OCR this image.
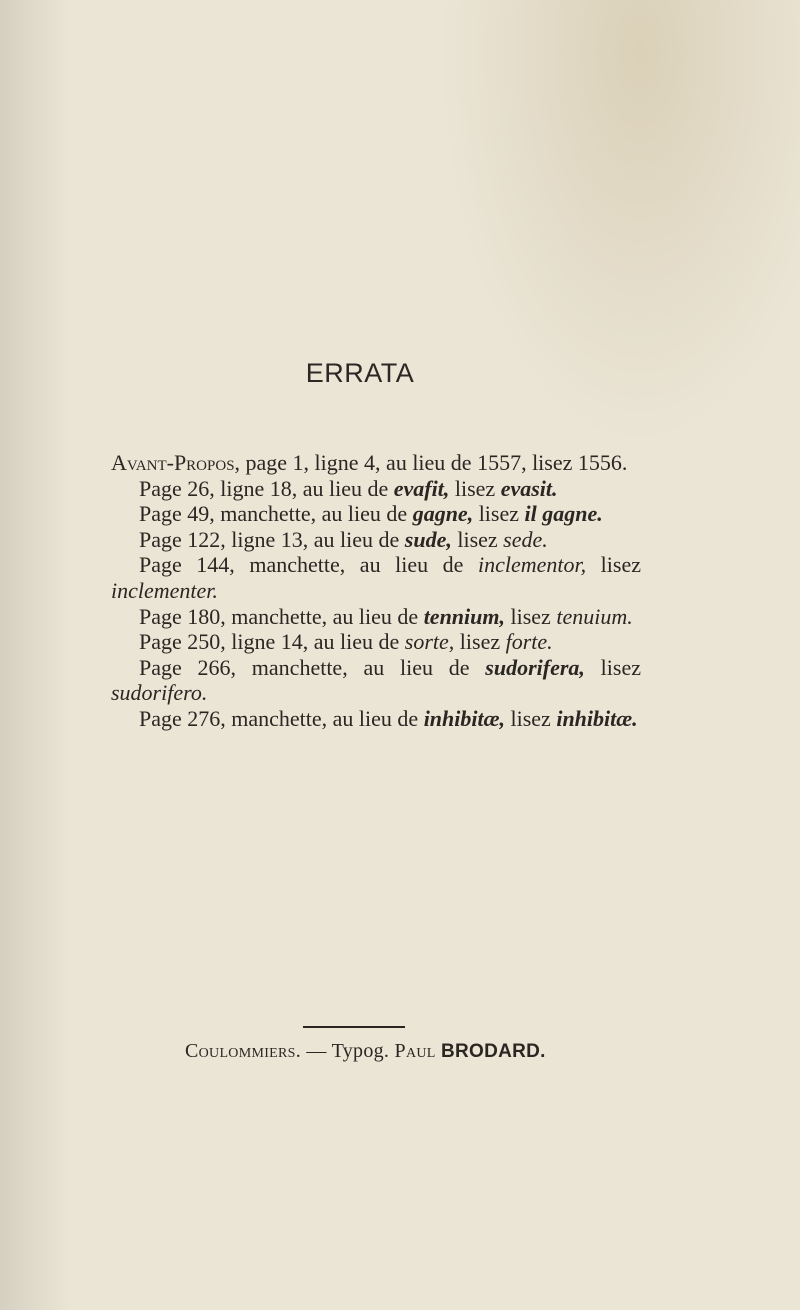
ERRATA

Avant-Propos, page 1, ligne 4, au lieu de 1557, lisez 1556.

Page 26, ligne 18, au lieu de evafit, lisez evasit.

Page 49, manchette, au lieu de gagne, lisez il gagne.

Page 122, ligne 13, au lieu de sude, lisez sede.

Page 144, manchette, au lieu de inclementor, lisez inclementer.

Page 180, manchette, au lieu de tennium, lisez tenuium.

Page 250, ligne 14, au lieu de sorte, lisez forte.

Page 266, manchette, au lieu de sudorifera, lisez sudorifero.

Page 276, manchette, au lieu de inhibitæ, lisez inhibitæ.

Coulommiers. — Typog. Paul BRODARD.
